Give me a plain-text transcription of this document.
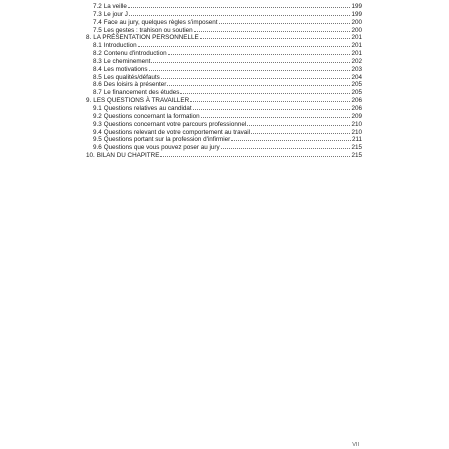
7.2 La veille	199
7.3 Le jour J	199
7.4 Face au jury, quelques règles s'imposent	200
7.5 Les gestes : trahison ou soutien	200
8. LA PRÉSENTATION PERSONNELLE	201
8.1 Introduction	201
8.2 Contenu d'introduction	201
8.3 Le cheminement	202
8.4 Les motivations	203
8.5 Les qualités/défauts	204
8.6 Des loisirs à présenter	205
8.7 Le financement des études	205
9. LES QUESTIONS À TRAVAILLER	206
9.1 Questions relatives au candidat	206
9.2 Questions concernant la formation	209
9.3 Questions concernant votre parcours professionnel	210
9.4 Questions relevant de votre comportement au travail	210
9.5 Questions portant sur la profession d'infirmier	211
9.6 Questions que vous pouvez poser au jury	215
10. BILAN DU CHAPITRE	215
VII
